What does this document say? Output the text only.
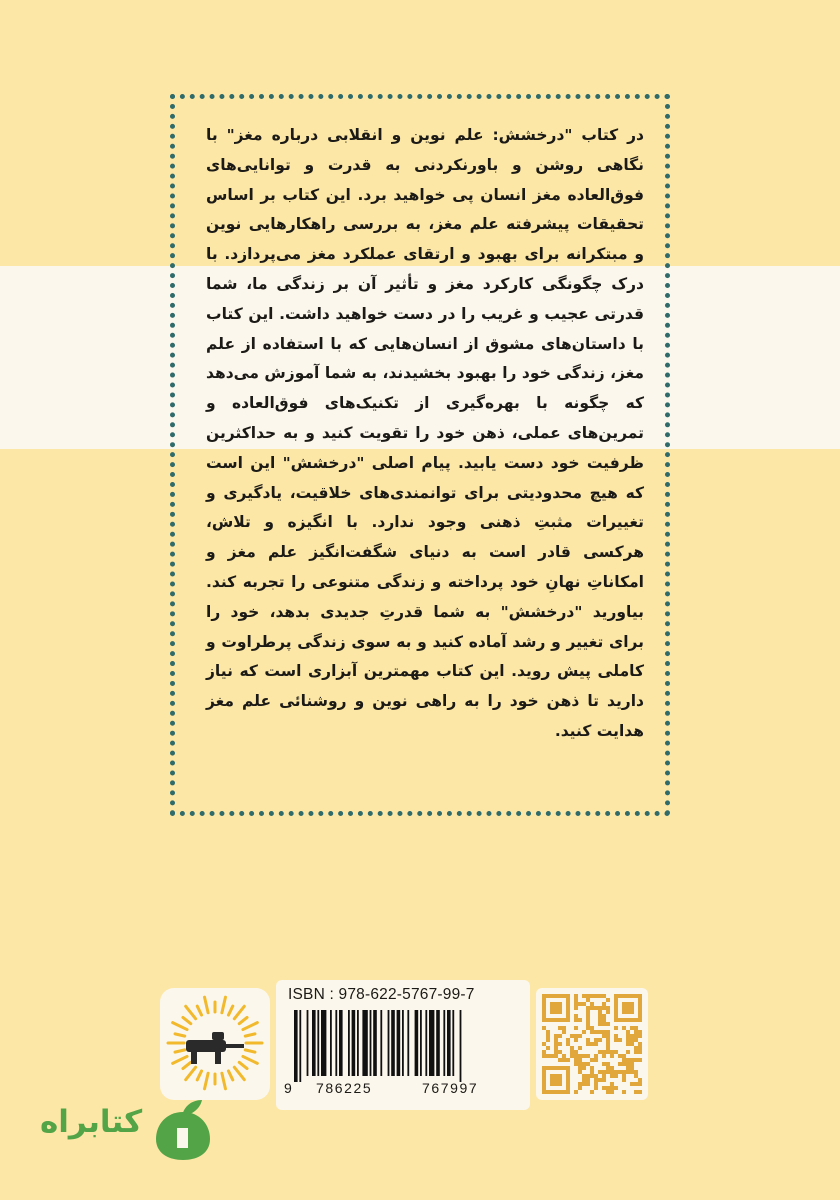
در کتاب "درخشش: علم نوین و انقلابی درباره مغز" با نگاهی روشن و باورنکردنی به قدرت و توانایی‌های فوق‌العاده مغز انسان پی خواهید برد. این کتاب بر اساس تحقیقات پیشرفته علم مغز، به بررسی راهکارهایی نوین و مبتکرانه برای بهبود و ارتقای عملکرد مغز می‌پردازد. با درک چگونگی کارکرد مغز و تأثیر آن بر زندگی ما، شما قدرتی عجیب و غریب را در دست خواهید داشت. این کتاب با داستان‌های مشوق از انسان‌هایی که با استفاده از علم مغز، زندگی خود را بهبود بخشیدند، به شما آموزش می‌دهد که چگونه با بهره‌گیری از تکنیک‌های فوق‌العاده و تمرین‌های عملی، ذهن خود را تقویت کنید و به حداکثرین ظرفیت خود دست یابید. پیام اصلی "درخشش" این است که هیچ محدودیتی برای توانمندی‌های خلاقیت، یادگیری و تغییرات مثبتِ ذهنی وجود ندارد. با انگیزه و تلاش، هرکسی قادر است به دنیای شگفت‌انگیز علم مغز و امکاناتِ نهانِ خود پرداخته و زندگی متنوعی را تجربه کند. بیاورید "درخشش" به شما قدرتِ جدیدی بدهد، خود را برای تغییر و رشد آماده کنید و به سوی زندگی پرطراوت و کاملی پیش روید. این کتاب مهمترین آبزاری است که نیاز دارید تا ذهن خود را به راهی نوین و روشنائی علم مغز هدایت کنید.

ISBN : 978-622-5767-99-7
9 786225	767997
کتابراه
